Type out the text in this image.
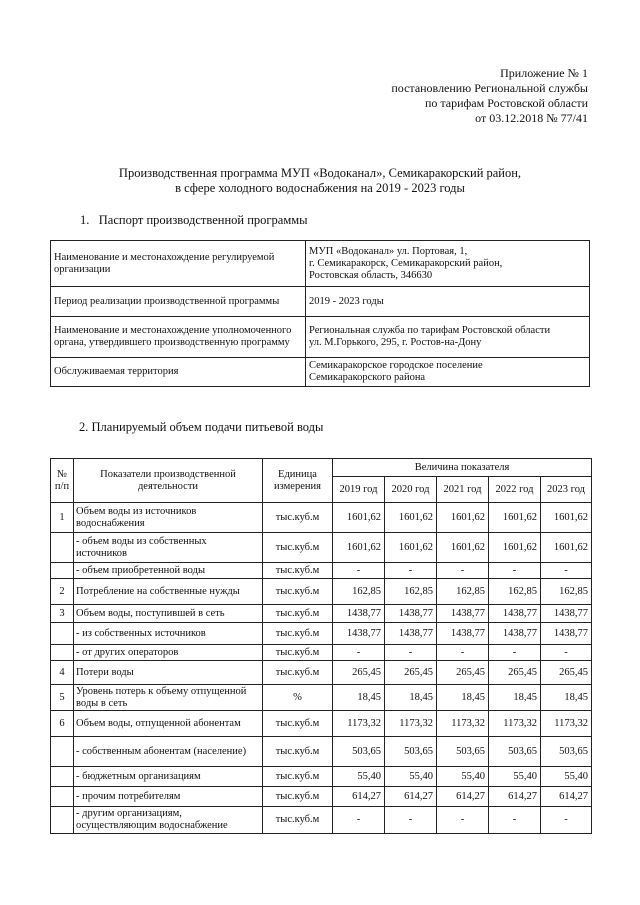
Приложение № 1
постановлению Региональной службы
по тарифам Ростовской области
от 03.12.2018 № 77/41
Производственная программа МУП «Водоканал», Семикаракорский район,
в сфере холодного водоснабжения на 2019 - 2023 годы
1.   Паспорт производственной программы
Наименование и местонахождение регулируемой организации	МУП «Водоканал» ул. Портовая, 1,
г. Семикаракорск, Семикаракорский район,
Ростовская область, 346630

Период реализации производственной программы	2019 - 2023 годы

Наименование и местонахождение уполномоченного органа, утвердившего производственную программу	Региональная служба по тарифам Ростовской области
ул. М.Горького, 295, г. Ростов-на-Дону

Обслуживаемая территория	Семикаракорское городское поселение
Семикаракорского района
2. Планируемый объем подачи питьевой воды
№ п/п	Показатели производственной деятельности	Единица измерения	Величина показателя				
			2019 год	2020 год	2021 год	2022 год	2023 год
1	Объем воды из источников водоснабжения	тыс.куб.м	1601,62	1601,62	1601,62	1601,62	1601,62
	- объем воды из собственных источников	тыс.куб.м	1601,62	1601,62	1601,62	1601,62	1601,62
	- объем приобретенной воды	тыс.куб.м	-	-	-	-	-
2	Потребление на собственные нужды	тыс.куб.м	162,85	162,85	162,85	162,85	162,85
3	Объем воды, поступившей в сеть	тыс.куб.м	1438,77	1438,77	1438,77	1438,77	1438,77
	- из собственных источников	тыс.куб.м	1438,77	1438,77	1438,77	1438,77	1438,77
	- от других операторов	тыс.куб.м	-	-	-	-	-
4	Потери воды	тыс.куб.м	265,45	265,45	265,45	265,45	265,45
5	Уровень потерь к объему отпущенной воды в сеть	%	18,45	18,45	18,45	18,45	18,45
6	Объем воды, отпущенной абонентам	тыс.куб.м	1173,32	1173,32	1173,32	1173,32	1173,32
	- собственным абонентам (население)	тыс.куб.м	503,65	503,65	503,65	503,65	503,65
	- бюджетным организациям	тыс.куб.м	55,40	55,40	55,40	55,40	55,40
	- прочим потребителям	тыс.куб.м	614,27	614,27	614,27	614,27	614,27
	- другим организациям, осуществляющим водоснабжение	тыс.куб.м	-	-	-	-	-
